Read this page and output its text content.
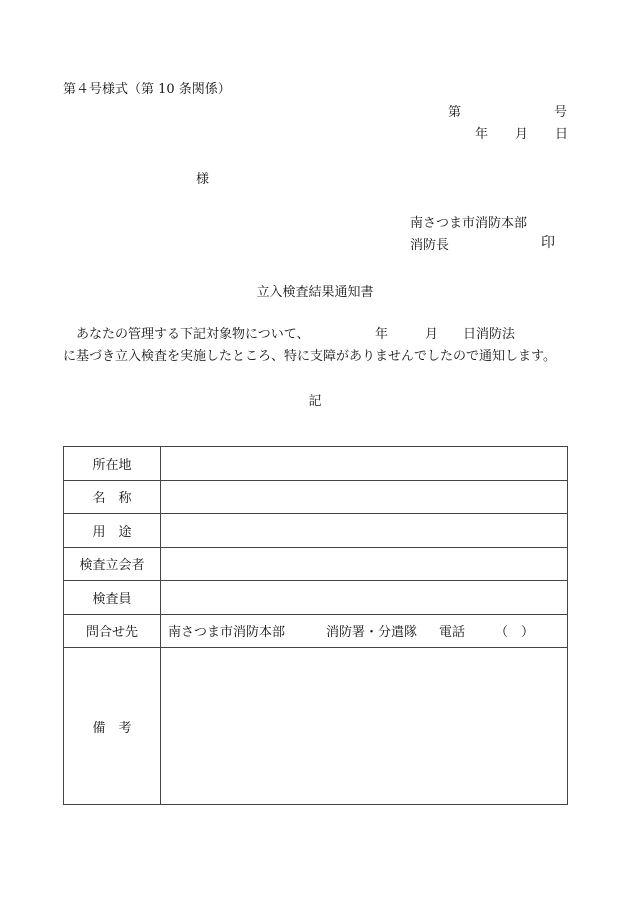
第４号様式（第 10 条関係）
第	号
年 月 日
様
南さつま市消防本部
消防長	印
立入検査結果通知書
あなたの管理する下記対象物について、	年	月 日消防法
に基づき立入検査を実施したところ、特に支障がありませんでしたので通知します。
記
所在地	
名　称	
用　途	
検査立会者	
検査員	
問合せ先	南さつま市消防本部 消防署・分遣隊 電話 （　）
備　考	
